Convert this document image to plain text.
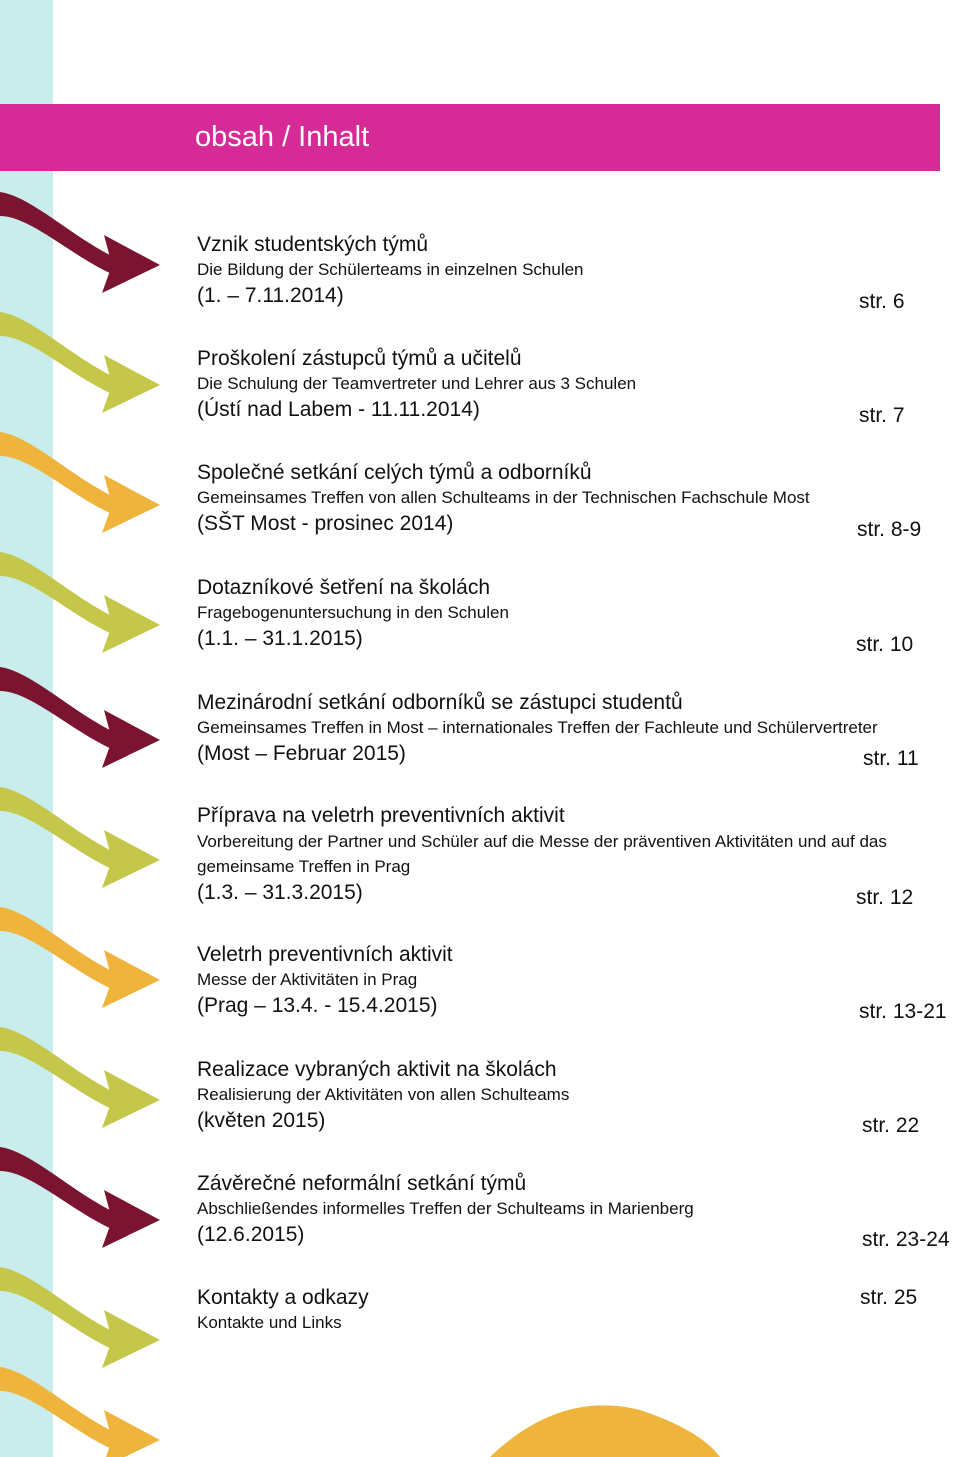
obsah / Inhalt
Vznik studentských týmů
Die Bildung der Schülerteams in einzelnen Schulen
(1. – 7.11.2014)	str. 6
Proškolení zástupců týmů a učitelů
Die Schulung der Teamvertreter und Lehrer aus 3 Schulen
(Ústí nad Labem - 11.11.2014)	str. 7
Společné setkání celých týmů a odborníků
Gemeinsames Treffen von allen Schulteams in der Technischen Fachschule Most
(SŠT Most - prosinec 2014)	str. 8-9
Dotazníkové šetření na školách
Fragebogenuntersuchung in den Schulen
(1.1. – 31.1.2015)	str. 10
Mezinárodní setkání odborníků se zástupci studentů
Gemeinsames Treffen in Most – internationales Treffen der Fachleute und Schülervertreter
(Most – Februar 2015)	str. 11
Příprava na veletrh preventivních aktivit
Vorbereitung der Partner und Schüler auf die Messe der präventiven Aktivitäten und auf das gemeinsame Treffen in Prag
(1.3. – 31.3.2015)	str. 12
Veletrh preventivních aktivit
Messe der Aktivitäten in Prag
(Prag – 13.4. - 15.4.2015)	str. 13-21
Realizace vybraných aktivit na školách
Realisierung der Aktivitäten von allen Schulteams
(květen 2015)	str. 22
Závěrečné neformální setkání týmů
Abschließendes informelles Treffen der Schulteams in Marienberg
(12.6.2015)	str. 23-24
Kontakty a odkazy
Kontakte und Links
str. 25
